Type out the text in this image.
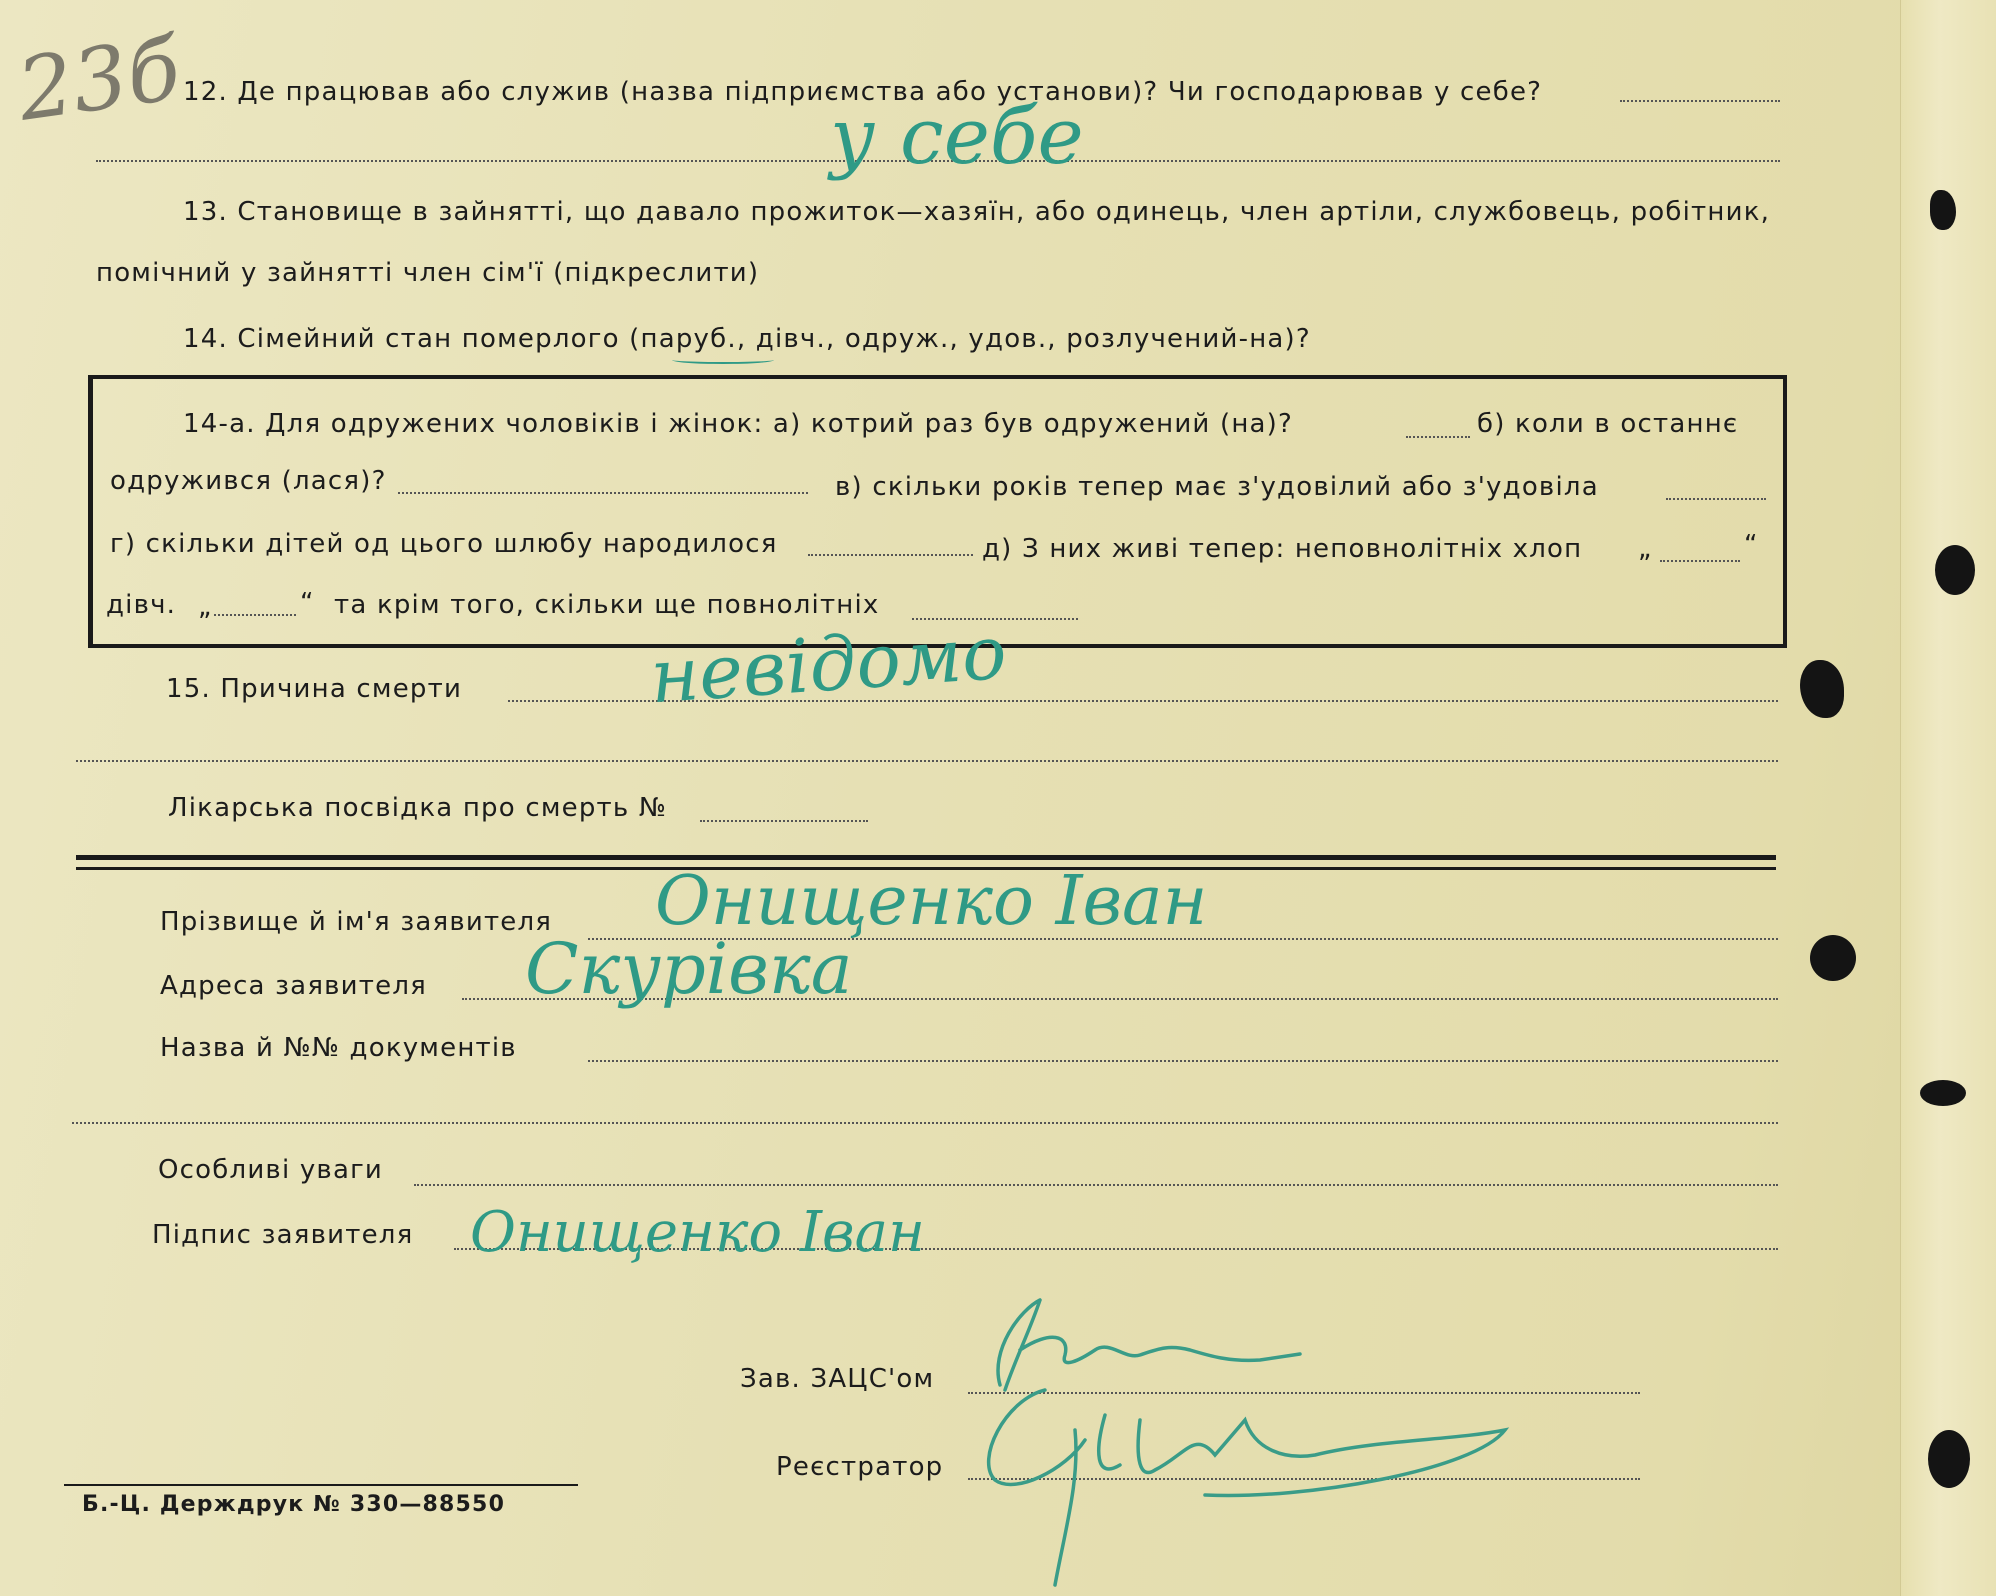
23б
12. Де працював або служив (назва підприємства або установи)? Чи господарював у себе?
у себе
13. Становище в зайнятті, що давало прожиток—хазяїн, або одинець, член артіли, службовець, робітник,
помічний у зайнятті член сім'ї (підкреслити)
14. Сімейний стан померлого (паруб., дівч., одруж., удов., розлучений-на)?
14-а. Для одружених чоловіків і жінок: а) котрий раз був одружений (на)?	б) коли в останнє
одружився (лася)?	в) скільки років тепер має з'удовілий або з'удовіла
г) скільки дітей од цього шлюбу народилося	д) З них живі тепер: неповнолітніх хлоп „	“
дівч. „	“ та крім того, скільки ще повнолітніх
15. Причина смерти	невідомо
Лікарська посвідка про смерть №
Прізвище й ім'я заявителя Онищенко Іван
Адреса заявителя Скурівка
Назва й №№ документів
Особливі уваги
Підпис заявителя Онищенко Іван
Зав. ЗАЦС'ом
Реєстратор
Б.-Ц. Держдрук № 330—88550
